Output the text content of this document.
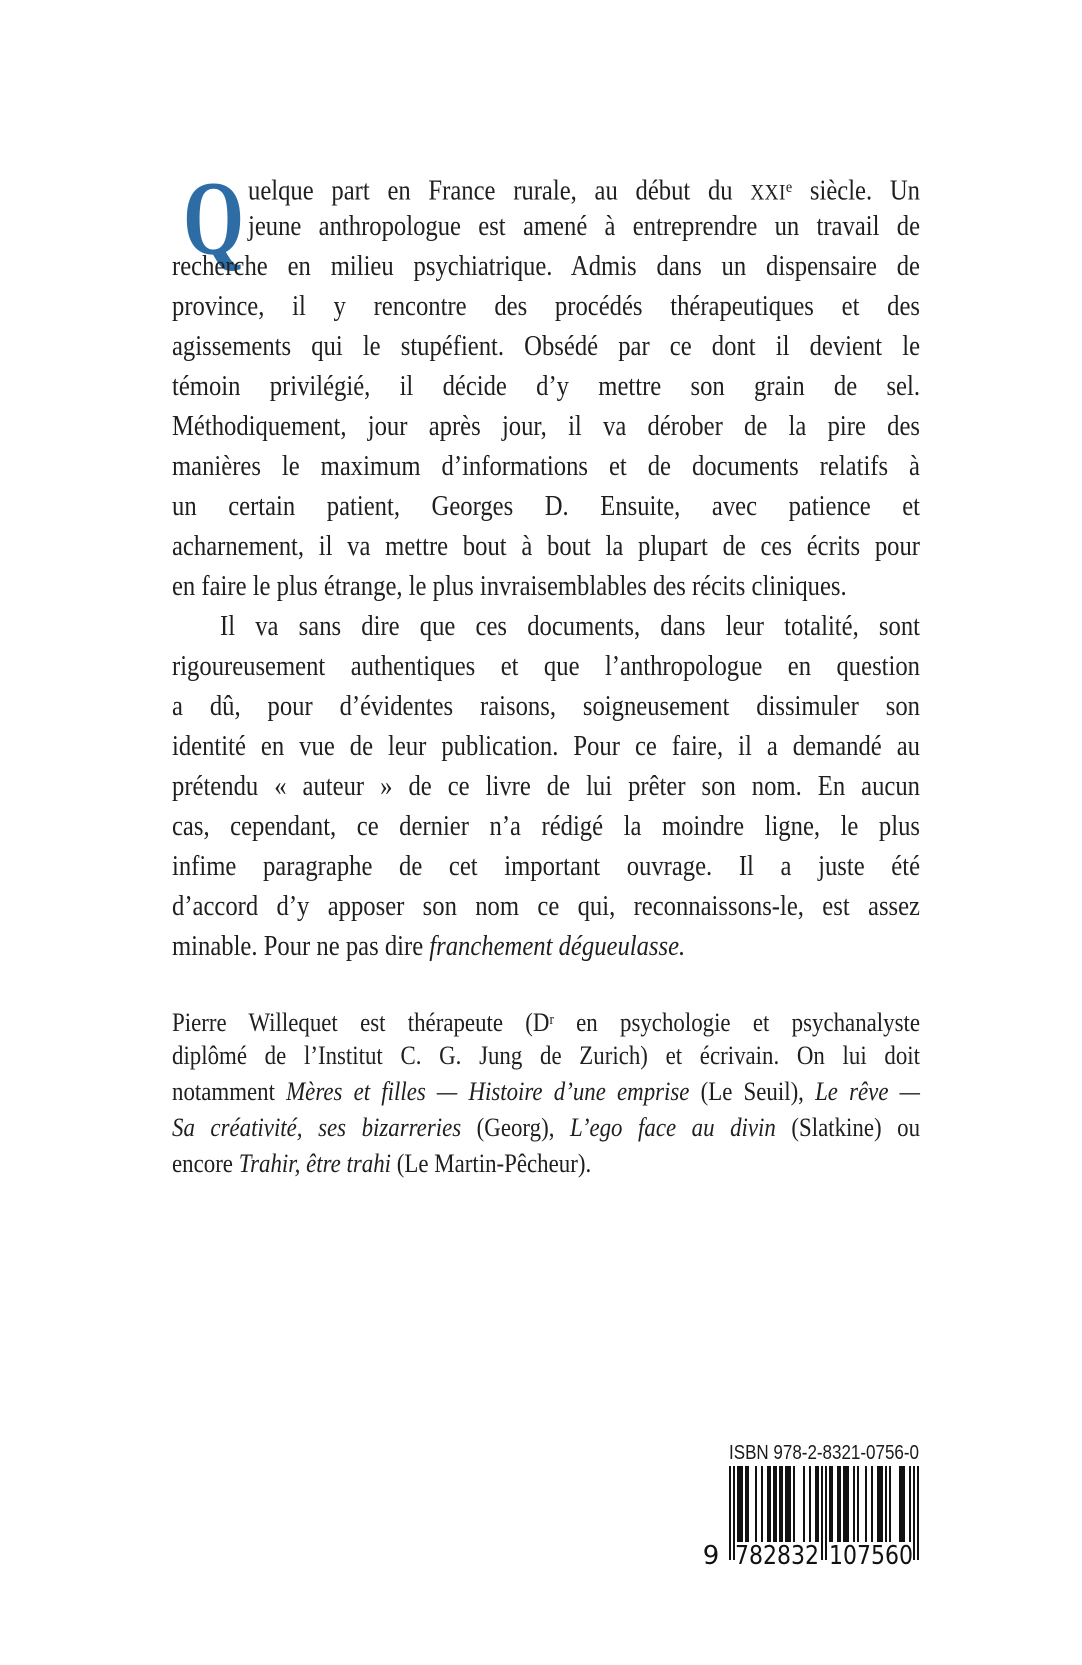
Q uelque part en France rurale, au début du XXIe siècle. Un
jeune anthropologue est amené à entreprendre un travail de
recherche en milieu psychiatrique. Admis dans un dispensaire de
province, il y rencontre des procédés thérapeutiques et des
agissements qui le stupéfient. Obsédé par ce dont il devient le
témoin privilégié, il décide d’y mettre son grain de sel.
Méthodiquement, jour après jour, il va dérober de la pire des
manières le maximum d’informations et de documents relatifs à
un certain patient, Georges D. Ensuite, avec patience et
acharnement, il va mettre bout à bout la plupart de ces écrits pour
en faire le plus étrange, le plus invraisemblables des récits cliniques.
Il va sans dire que ces documents, dans leur totalité, sont
rigoureusement authentiques et que l’anthropologue en question
a dû, pour d’évidentes raisons, soigneusement dissimuler son
identité en vue de leur publication. Pour ce faire, il a demandé au
prétendu « auteur » de ce livre de lui prêter son nom. En aucun
cas, cependant, ce dernier n’a rédigé la moindre ligne, le plus
infime paragraphe de cet important ouvrage. Il a juste été
d’accord d’y apposer son nom ce qui, reconnaissons-le, est assez
minable. Pour ne pas dire franchement dégueulasse.
Pierre Willequet est thérapeute ($D^r$ en psychologie et psychanalyste
diplômé de l’Institut C. G. Jung de Zurich) et écrivain. On lui doit
notamment Mères et filles — Histoire d’une emprise (Le Seuil), Le rêve —
Sa créativité, ses bizarreries (Georg), L’ego face au divin (Slatkine) ou
encore Trahir, être trahi (Le Martin-Pêcheur).
ISBN 978-2-8321-0756-0
9 782832 107560
